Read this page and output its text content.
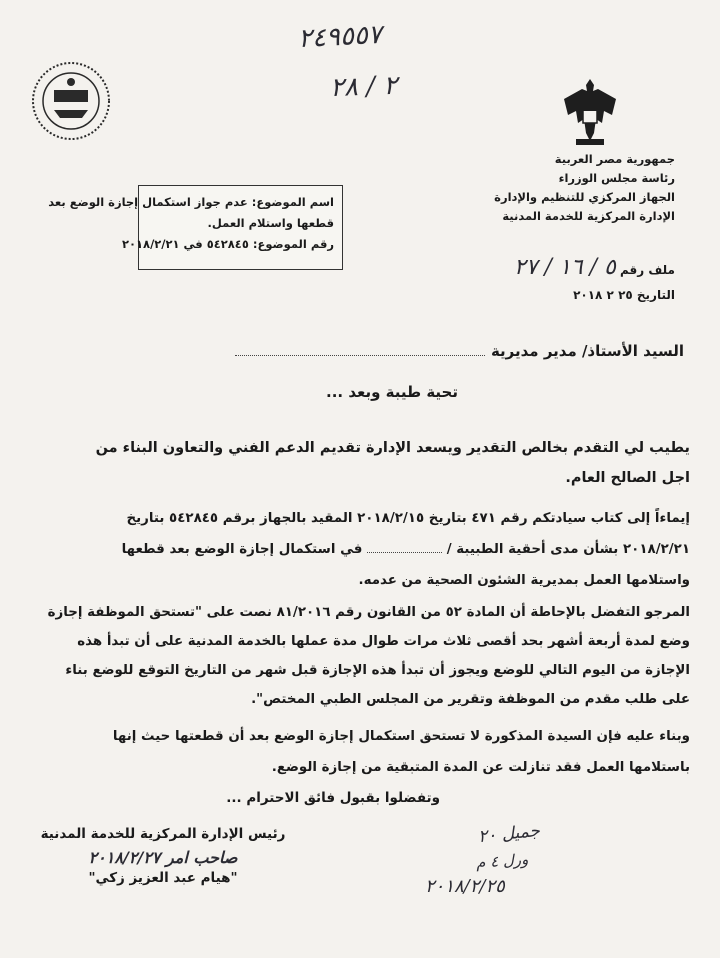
٢٤٩٥٥٧
٢ / ٢٨
جمهورية مصر العربية
رئاسة مجلس الوزراء
الجهاز المركزي للتنظيم والإدارة
الإدارة المركزية للخدمة المدنية
ملف رقم ٥ / ١٦ / ٢٧
التاريخ ٢٥ ٢ ٢٠١٨
اسم الموضوع: عدم جواز استكمال إجازة الوضع بعد
قطعها واستلام العمل.
رقم الموضوع: ٥٤٢٨٤٥ في ٢٠١٨/٢/٢١
السيد الأستاذ/ مدير مديرية
تحية طيبة وبعد ...

يطيب لي التقدم بخالص التقدير ويسعد الإدارة تقديم الدعم الفني والتعاون البناء من

اجل الصالح العام.

إيماءاً إلى كتاب سيادتكم رقم ٤٧١ بتاريخ ٢٠١٨/٢/١٥ المقيد بالجهاز برقم ٥٤٢٨٤٥ بتاريخ

٢٠١٨/٢/٢١ بشأن مدى أحقية الطبيبة /  في استكمال إجازة الوضع بعد قطعها

واستلامها العمل بمديرية الشئون الصحية من عدمه.

المرجو التفضل بالإحاطة أن المادة ٥٢ من القانون رقم ٨١/٢٠١٦ نصت على "تستحق الموظفة إجازة

وضع لمدة أربعة أشهر بحد أقصى ثلاث مرات طوال مدة عملها بالخدمة المدنية على أن تبدأ هذه

الإجازة من اليوم التالي للوضع ويجوز أن تبدأ هذه الإجازة قبل شهر من التاريخ التوقع للوضع بناء

على طلب مقدم من الموظفة وتقرير من المجلس الطبي المختص".

وبناء عليه فإن السيدة المذكورة لا تستحق استكمال إجازة الوضع بعد أن قطعتها حيث إنها

باستلامها العمل فقد تنازلت عن المدة المتبقية من إجازة الوضع.

وتفضلوا بقبول فائق الاحترام ...
رئيس الإدارة المركزية للخدمة المدنية
صاحب امر ٢٠١٨/٢/٢٧
"هيام عبد العزيز زكي"
جميل ٢٠
ورل ٤ م
٢٠١٨/٢/٢٥
